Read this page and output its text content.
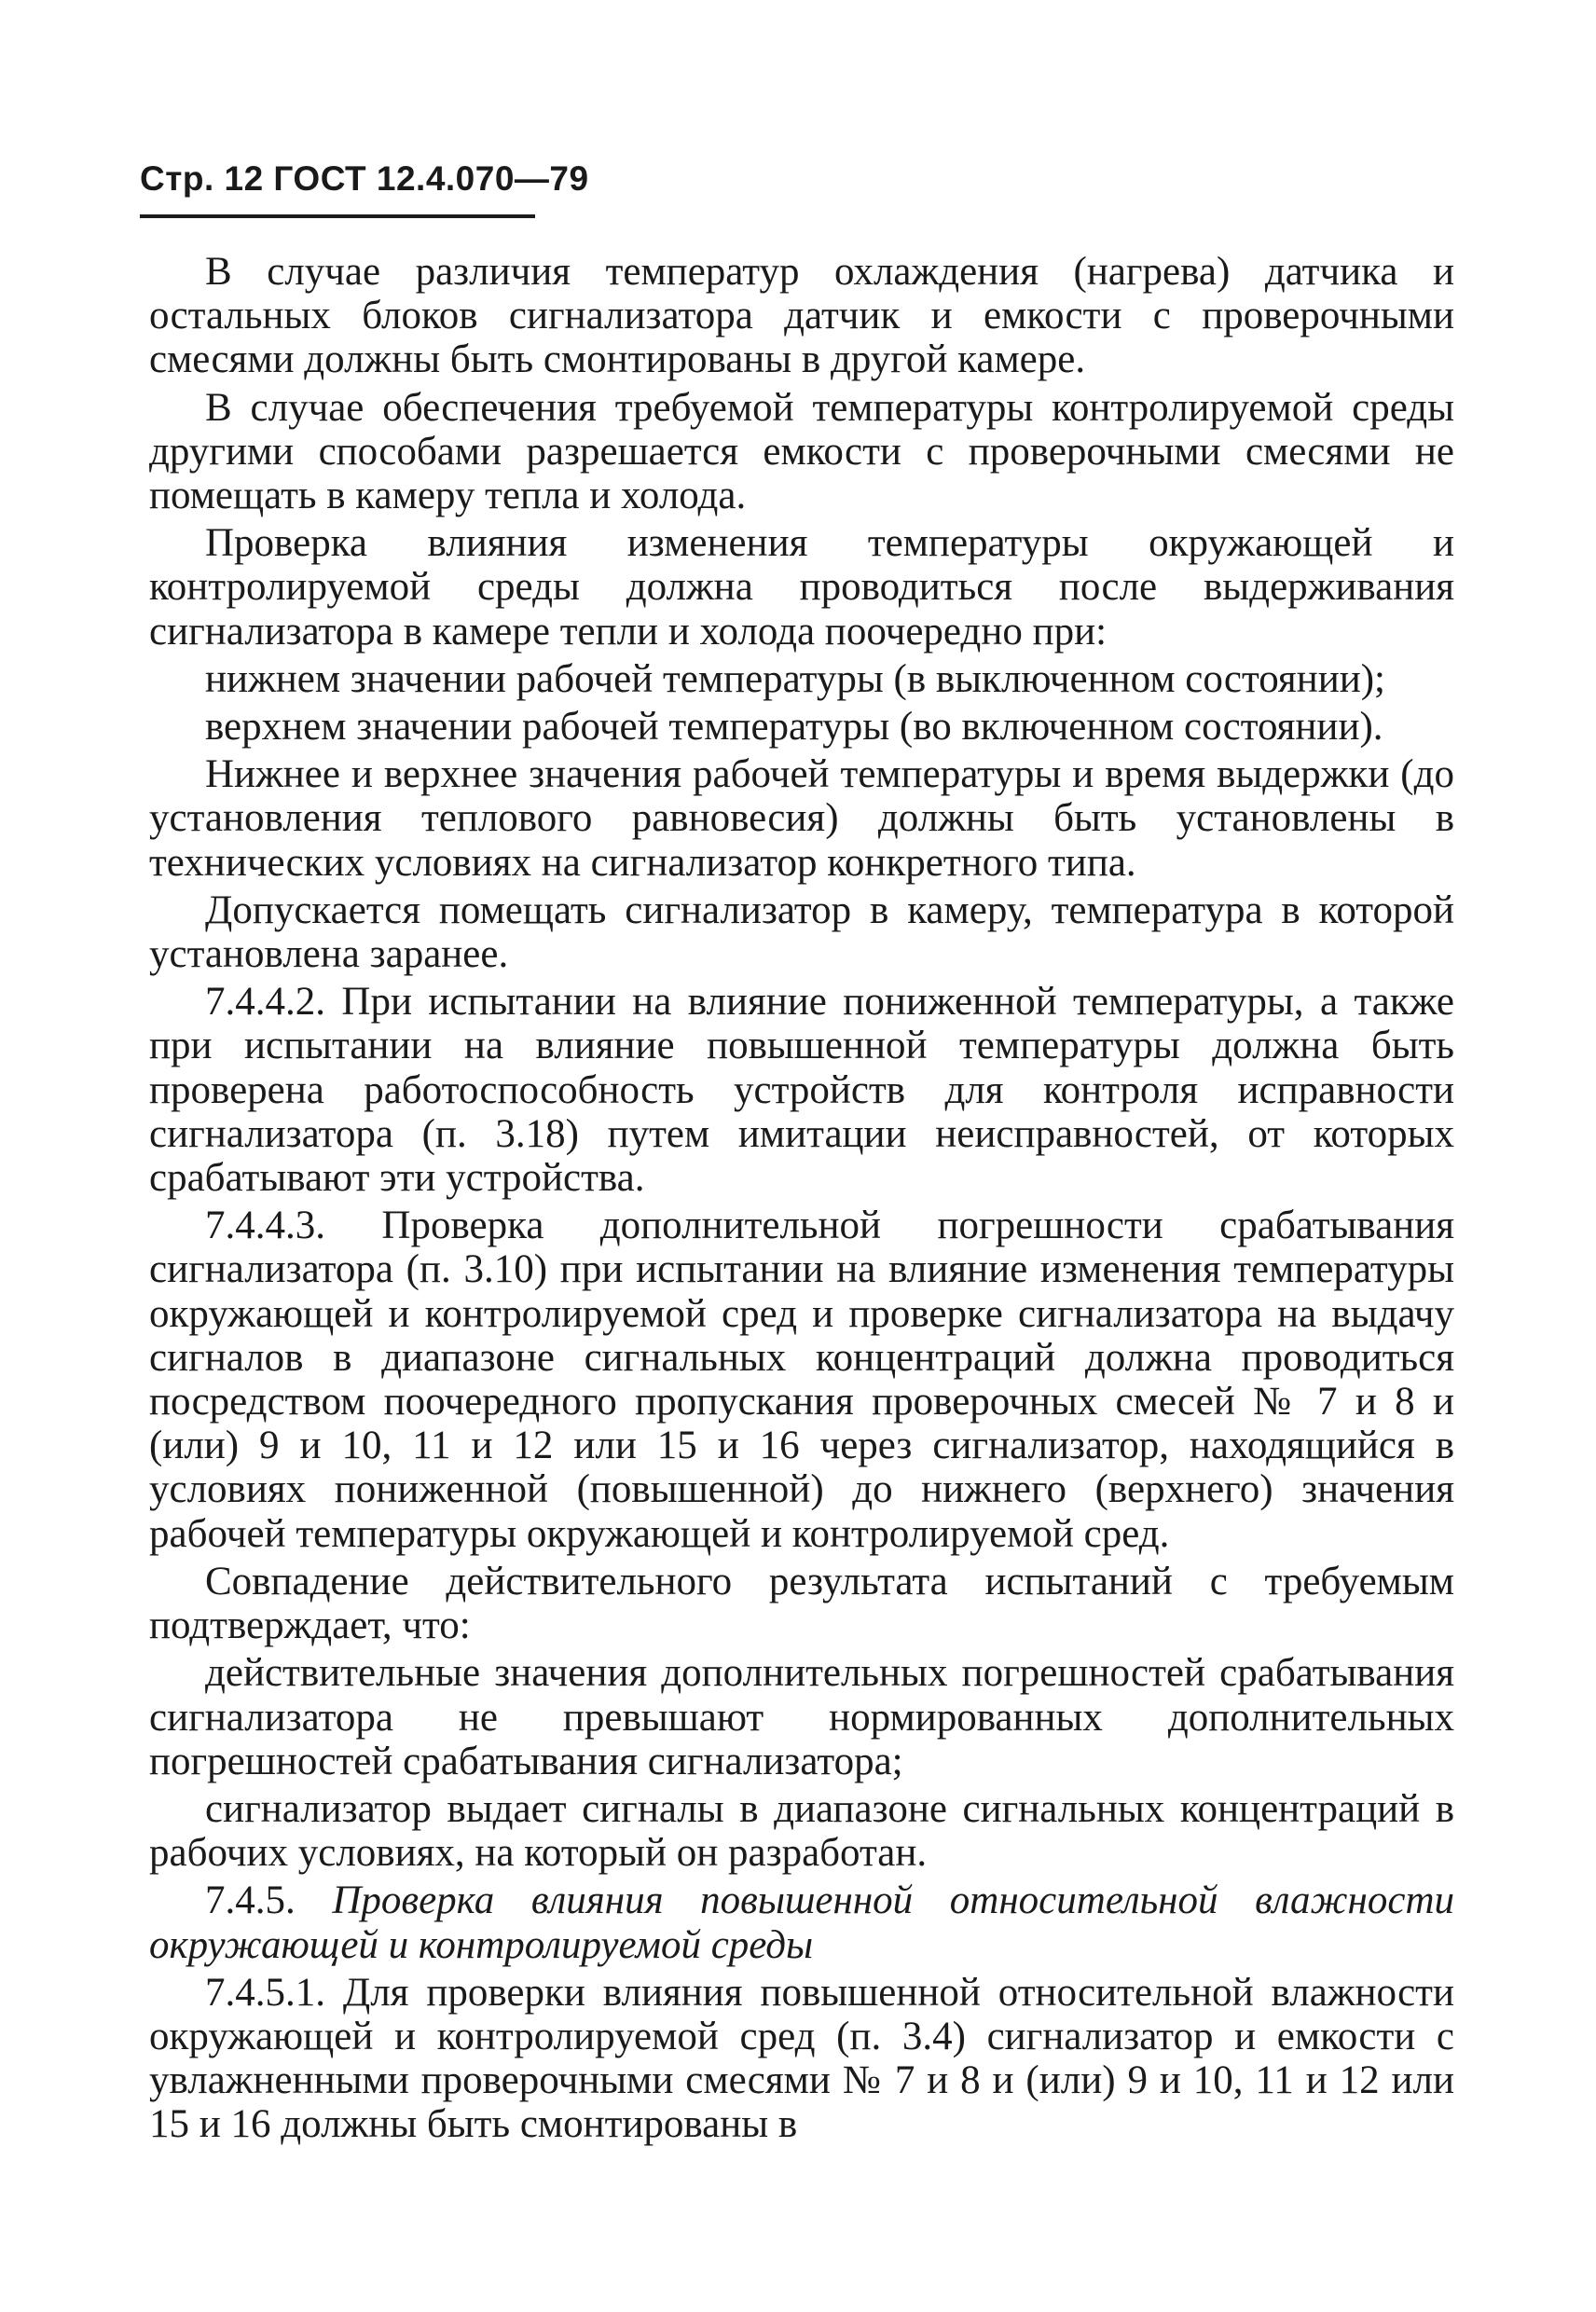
Стр. 12 ГОСТ 12.4.070—79

В случае различия температур охлаждения (нагрева) датчика и остальных блоков сигнализатора датчик и емкости с проверочными смесями должны быть смонтированы в другой камере.

В случае обеспечения требуемой температуры контролируемой среды другими способами разрешается емкости с проверочными смесями не помещать в камеру тепла и холода.

Проверка влияния изменения температуры окружающей и контролируемой среды должна проводиться после выдерживания сигнализатора в камере тепли и холода поочередно при:

нижнем значении рабочей температуры (в выключенном состоянии);

верхнем значении рабочей температуры (во включенном состоянии).

Нижнее и верхнее значения рабочей температуры и время выдержки (до установления теплового равновесия) должны быть установлены в технических условиях на сигнализатор конкретного типа.

Допускается помещать сигнализатор в камеру, температура в которой установлена заранее.

7.4.4.2. При испытании на влияние пониженной температуры, а также при испытании на влияние повышенной температуры должна быть проверена работоспособность устройств для контроля исправности сигнализатора (п. 3.18) путем имитации неисправностей, от которых срабатывают эти устройства.

7.4.4.3. Проверка дополнительной погрешности срабатывания сигнализатора (п. 3.10) при испытании на влияние изменения температуры окружающей и контролируемой сред и проверке сигнализатора на выдачу сигналов в диапазоне сигнальных концентраций должна проводиться посредством поочередного пропускания проверочных смесей № 7 и 8 и (или) 9 и 10, 11 и 12 или 15 и 16 через сигнализатор, находящийся в условиях пониженной (повышенной) до нижнего (верхнего) значения рабочей температуры окружающей и контролируемой сред.

Совпадение действительного результата испытаний с требуемым подтверждает, что:

действительные значения дополнительных погрешностей срабатывания сигнализатора не превышают нормированных дополнительных погрешностей срабатывания сигнализатора;

сигнализатор выдает сигналы в диапазоне сигнальных концентраций в рабочих условиях, на который он разработан.

7.4.5. Проверка влияния повышенной относительной влажности окружающей и контролируемой среды

7.4.5.1. Для проверки влияния повышенной относительной влажности окружающей и контролируемой сред (п. 3.4) сигнализатор и емкости с увлажненными проверочными смесями № 7 и 8 и (или) 9 и 10, 11 и 12 или 15 и 16 должны быть смонтированы в
